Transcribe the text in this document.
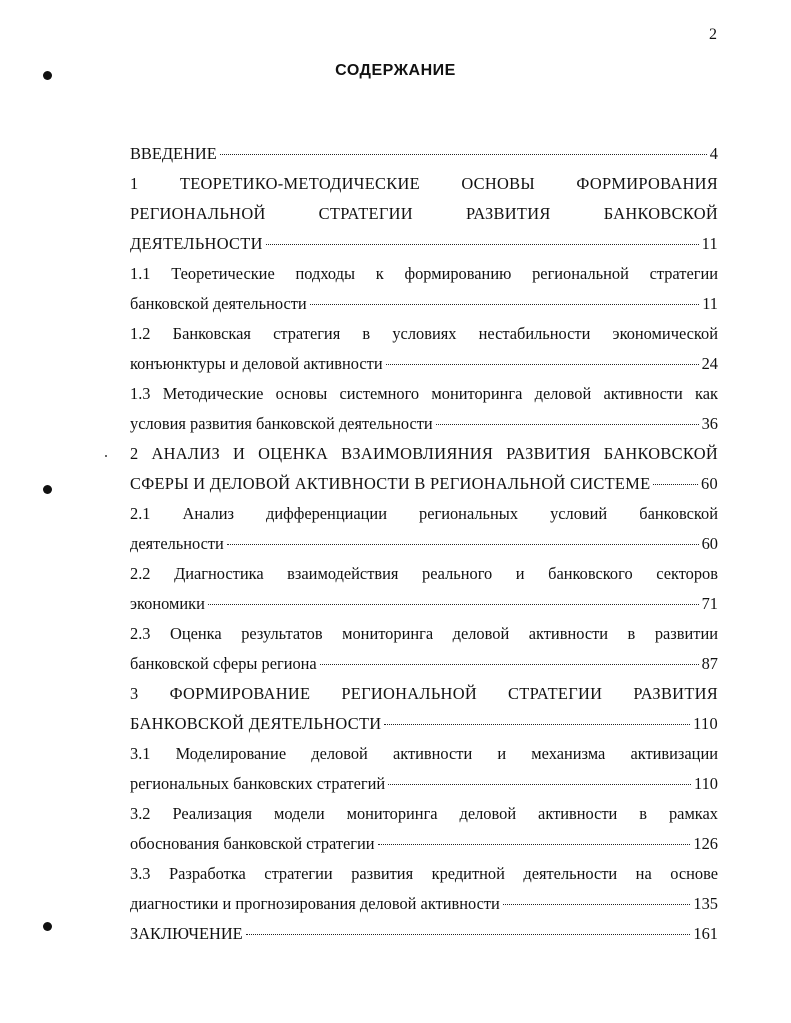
2
СОДЕРЖАНИЕ
ВВЕДЕНИЕ	4
1 ТЕОРЕТИКО-МЕТОДИЧЕСКИЕ ОСНОВЫ ФОРМИРОВАНИЯ
РЕГИОНАЛЬНОЙ СТРАТЕГИИ РАЗВИТИЯ БАНКОВСКОЙ
ДЕЯТЕЛЬНОСТИ	11
1.1 Теоретические подходы к формированию региональной стратегии
банковской деятельности	11
1.2 Банковская стратегия в условиях нестабильности экономической
конъюнктуры и деловой активности	24
1.3 Методические основы системного мониторинга деловой активности как
условия развития банковской деятельности	36
2 АНАЛИЗ И ОЦЕНКА ВЗАИМОВЛИЯНИЯ РАЗВИТИЯ БАНКОВСКОЙ
СФЕРЫ И ДЕЛОВОЙ АКТИВНОСТИ В РЕГИОНАЛЬНОЙ СИСТЕМЕ	60
2.1 Анализ дифференциации региональных условий банковской
деятельности	60
2.2 Диагностика взаимодействия реального и банковского секторов
экономики	71
2.3 Оценка результатов мониторинга деловой активности в развитии
банковской сферы региона	87
3 ФОРМИРОВАНИЕ РЕГИОНАЛЬНОЙ СТРАТЕГИИ РАЗВИТИЯ
БАНКОВСКОЙ ДЕЯТЕЛЬНОСТИ	110
3.1 Моделирование деловой активности и механизма активизации
региональных банковских стратегий	110
3.2 Реализация модели мониторинга деловой активности в рамках
обоснования банковской стратегии	126
3.3 Разработка стратегии развития кредитной деятельности на основе
диагностики и прогнозирования деловой активности	135
ЗАКЛЮЧЕНИЕ	161
